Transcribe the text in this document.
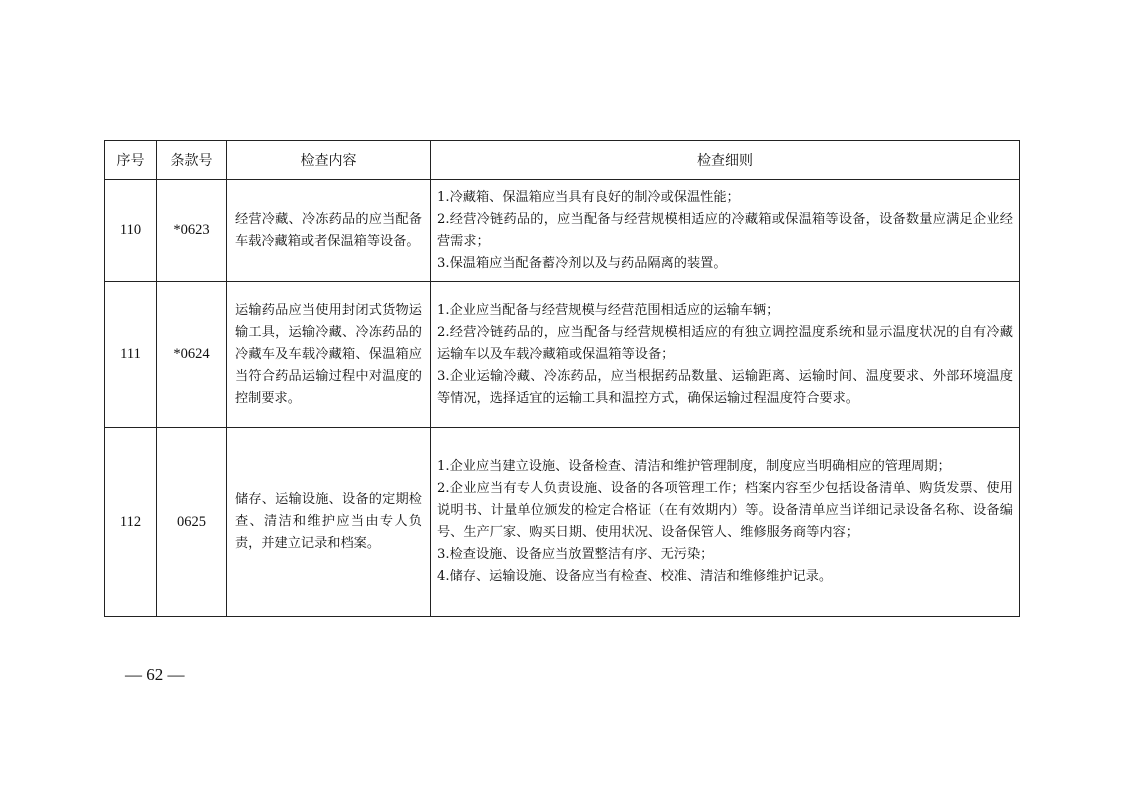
序号	条款号	检查内容	检查细则
110	*0623	经营冷藏、冷冻药品的应当配备车载冷藏箱或者保温箱等设备。	1.冷藏箱、保温箱应当具有良好的制冷或保温性能；
2.经营冷链药品的，应当配备与经营规模相适应的冷藏箱或保温箱等设备，设备数量应满足企业经营需求；
3.保温箱应当配备蓄冷剂以及与药品隔离的装置。

111	*0624	运输药品应当使用封闭式货物运输工具，运输冷藏、冷冻药品的冷藏车及车载冷藏箱、保温箱应当符合药品运输过程中对温度的控制要求。	1.企业应当配备与经营规模与经营范围相适应的运输车辆；
2.经营冷链药品的，应当配备与经营规模相适应的有独立调控温度系统和显示温度状况的自有冷藏运输车以及车载冷藏箱或保温箱等设备；
3.企业运输冷藏、冷冻药品，应当根据药品数量、运输距离、运输时间、温度要求、外部环境温度等情况，选择适宜的运输工具和温控方式，确保运输过程温度符合要求。

112	0625	储存、运输设施、设备的定期检查、清洁和维护应当由专人负责，并建立记录和档案。	1.企业应当建立设施、设备检查、清洁和维护管理制度，制度应当明确相应的管理周期；
2.企业应当有专人负责设施、设备的各项管理工作；档案内容至少包括设备清单、购货发票、使用说明书、计量单位颁发的检定合格证（在有效期内）等。设备清单应当详细记录设备名称、设备编号、生产厂家、购买日期、使用状况、设备保管人、维修服务商等内容；
3.检查设施、设备应当放置整洁有序、无污染；
4.储存、运输设施、设备应当有检查、校准、清洁和维修维护记录。
— 62 —
